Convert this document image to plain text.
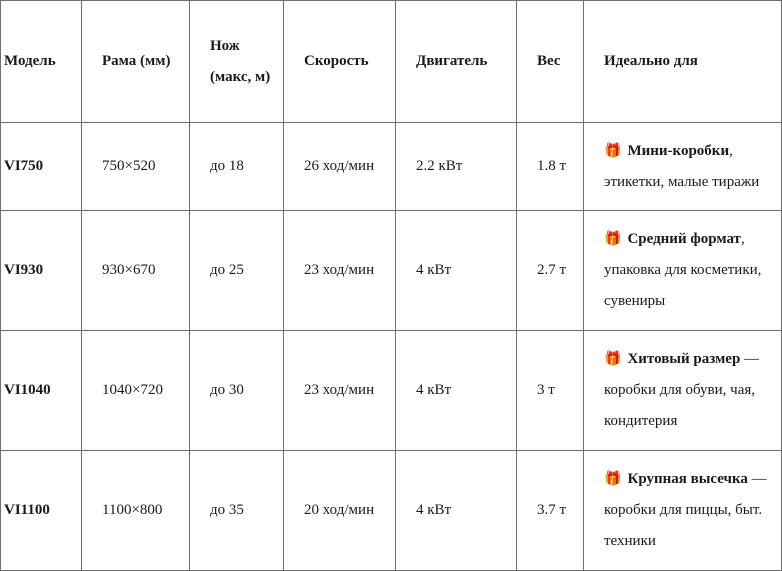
Модель	Рама (мм)	Нож (макс, м)	Скорость	Двигатель	Вес	Идеально для
VI750	750×520	до 18	26 ход/мин	2.2 кВт	1.8 т	🎁 Мини-коробки, этикетки, малые тиражи
VI930	930×670	до 25	23 ход/мин	4 кВт	2.7 т	🎁 Средний формат, упаковка для косметики, сувениры
VI1040	1040×720	до 30	23 ход/мин	4 кВт	3 т	🎁 Хитовый размер — коробки для обуви, чая, кондитерия
VI1100	1100×800	до 35	20 ход/мин	4 кВт	3.7 т	🎁 Крупная высечка — коробки для пиццы, быт. техники
